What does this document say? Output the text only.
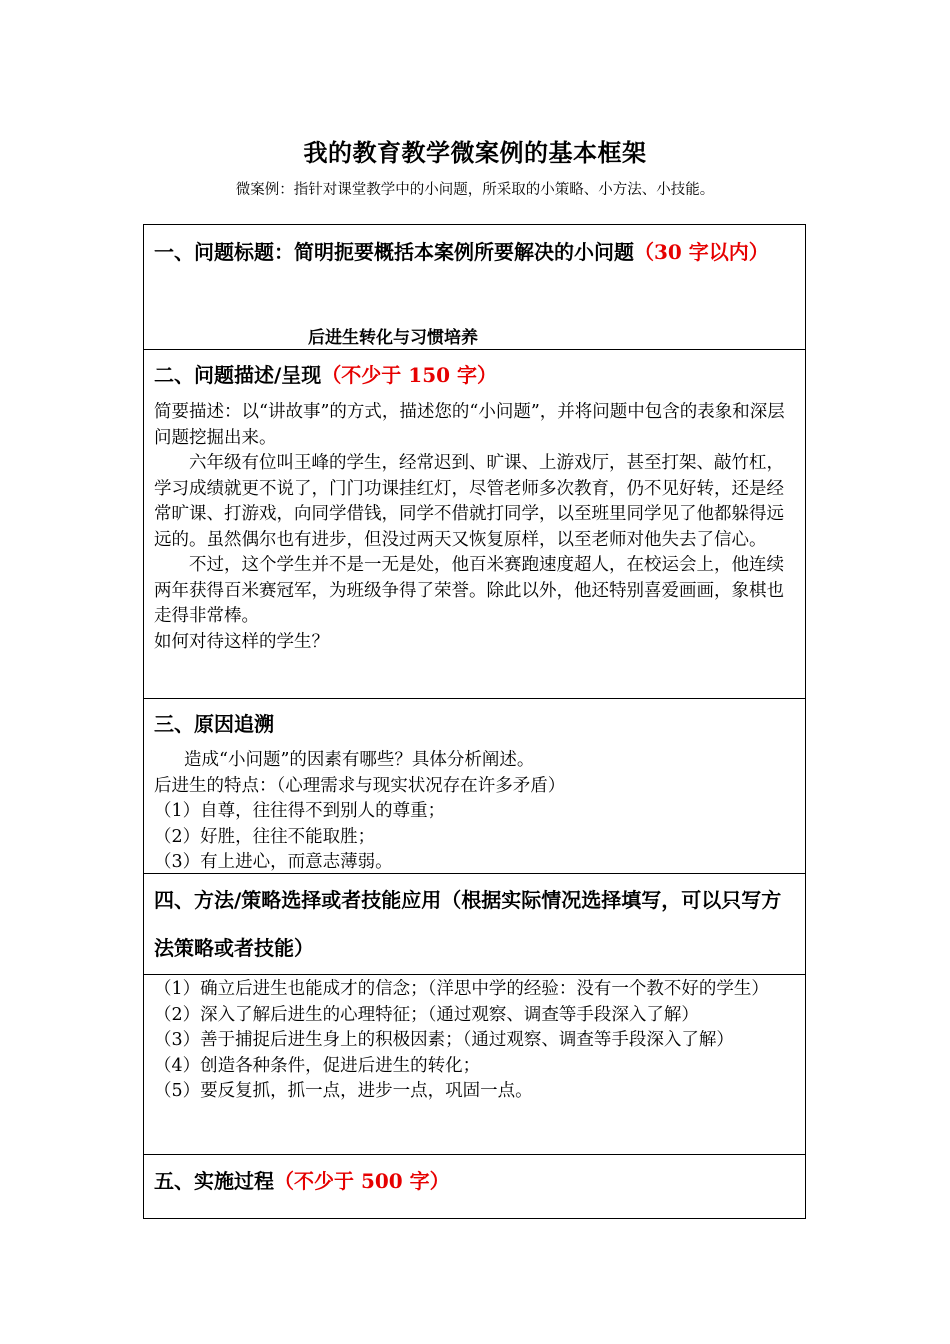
我的教育教学微案例的基本框架
微案例：指针对课堂教学中的小问题，所采取的小策略、小方法、小技能。
一、问题标题：简明扼要概括本案例所要解决的小问题（30 字以内）
后进生转化与习惯培养
二、问题描述/呈现（不少于 150 字）

简要描述：以“讲故事”的方式，描述您的“小问题”，并将问题中包含的表象和深层问题挖掘出来。

六年级有位叫王峰的学生，经常迟到、旷课、上游戏厅，甚至打架、敲竹杠，学习成绩就更不说了，门门功课挂红灯，尽管老师多次教育，仍不见好转，还是经常旷课、打游戏，向同学借钱，同学不借就打同学，以至班里同学见了他都躲得远远的。虽然偶尔也有进步，但没过两天又恢复原样，以至老师对他失去了信心。

不过，这个学生并不是一无是处，他百米赛跑速度超人，在校运会上，他连续两年获得百米赛冠军，为班级争得了荣誉。除此以外，他还特别喜爱画画，象棋也走得非常棒。

如何对待这样的学生？

三、原因追溯

造成“小问题”的因素有哪些？具体分析阐述。

后进生的特点：（心理需求与现实状况存在许多矛盾）

（1）自尊，往往得不到别人的尊重；

（2）好胜，往往不能取胜；

（3）有上进心，而意志薄弱。

四、方法/策略选择或者技能应用（根据实际情况选择填写，可以只写方法策略或者技能）

（1）确立后进生也能成才的信念；（洋思中学的经验：没有一个教不好的学生）　　（2）深入了解后进生的心理特征；（通过观察、调查等手段深入了解）

（3）善于捕捉后进生身上的积极因素；（通过观察、调查等手段深入了解）

（4）创造各种条件，促进后进生的转化；

（5）要反复抓，抓一点，进步一点，巩固一点。

五、实施过程（不少于 500 字）
